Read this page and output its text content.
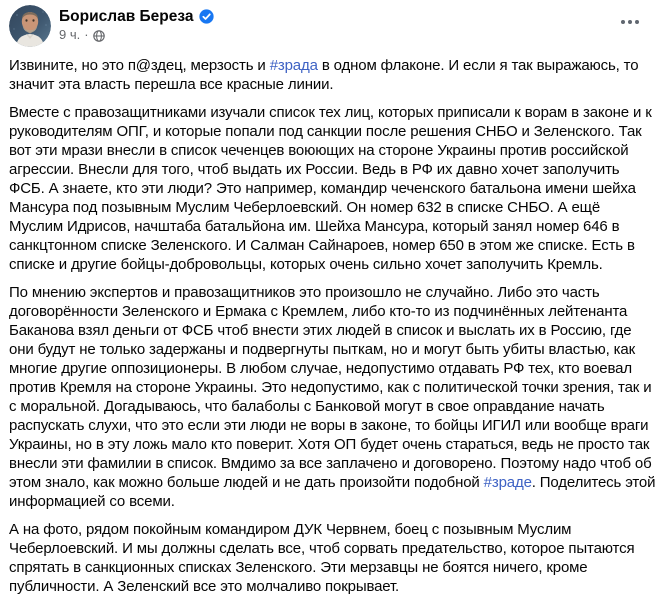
Борислав Береза
9 ч. ·
Извините, но это п@здец, мерзость и #зрада в одном флаконе. И если я так выражаюсь, то значит эта власть перешла все красные линии.
Вместе с правозащитниками изучали список тех лиц, которых приписали к ворам в законе и к руководителям ОПГ, и которые попали под санкции после решения СНБО и Зеленского. Так вот эти мрази внесли в список чеченцев воюющих на стороне Украины против российской агрессии. Внесли для того, чтоб выдать их России. Ведь в РФ их давно хочет заполучить ФСБ. А знаете, кто эти люди? Это например, командир чеченского батальона имени шейха Мансура под позывным Муслим Чеберлоевский. Он номер 632 в списке СНБО. А ещё Муслим Идрисов, начштаба батальйона им. Шейха Мансура, который занял номер 646 в санкцтонном списке Зеленского. И Салман Сайнароев, номер 650 в этом же списке. Есть в списке и другие бойцы-добровольцы, которых очень сильно хочет заполучить Кремль.
По мнению экспертов и правозащитников это произошло не случайно. Либо это часть договорённости Зеленского и Ермака с Кремлем, либо кто-то из подчинённых лейтенанта Баканова взял деньги от ФСБ чтоб внести этих людей в список и выслать их в Россию, где они будут не только задержаны и подвергнуты пыткам, но и могут быть убиты властью, как многие другие оппозиционеры. В любом случае, недопустимо отдавать РФ тех, кто воевал против Кремля на стороне Украины. Это недопустимо, как с политической точки зрения, так и с моральной. Догадываюсь, что балаболы с Банковой могут в свое оправдание начать распускать слухи, что это если эти люди не воры в законе, то бойцы ИГИЛ или вообще враги Украины, но в эту ложь мало кто поверит. Хотя ОП будет очень стараться, ведь не просто так внесли эти фамилии в список. Вмдимо за все заплачено и договорено. Поэтому надо чтоб об этом знало, как можно больше людей и не дать произойти подобной #зраде. Поделитесь этой информацией со всеми.
А на фото, рядом покойным командиром ДУК Червнем, боец с позывным Муслим Чеберлоевский. И мы должны сделать все, чтоб сорвать предательство, которое пытаются спрятать в санкционных списках Зеленского. Эти мерзавцы не боятся ничего, кроме публичности. А Зеленский все это молчаливо покрывает.
